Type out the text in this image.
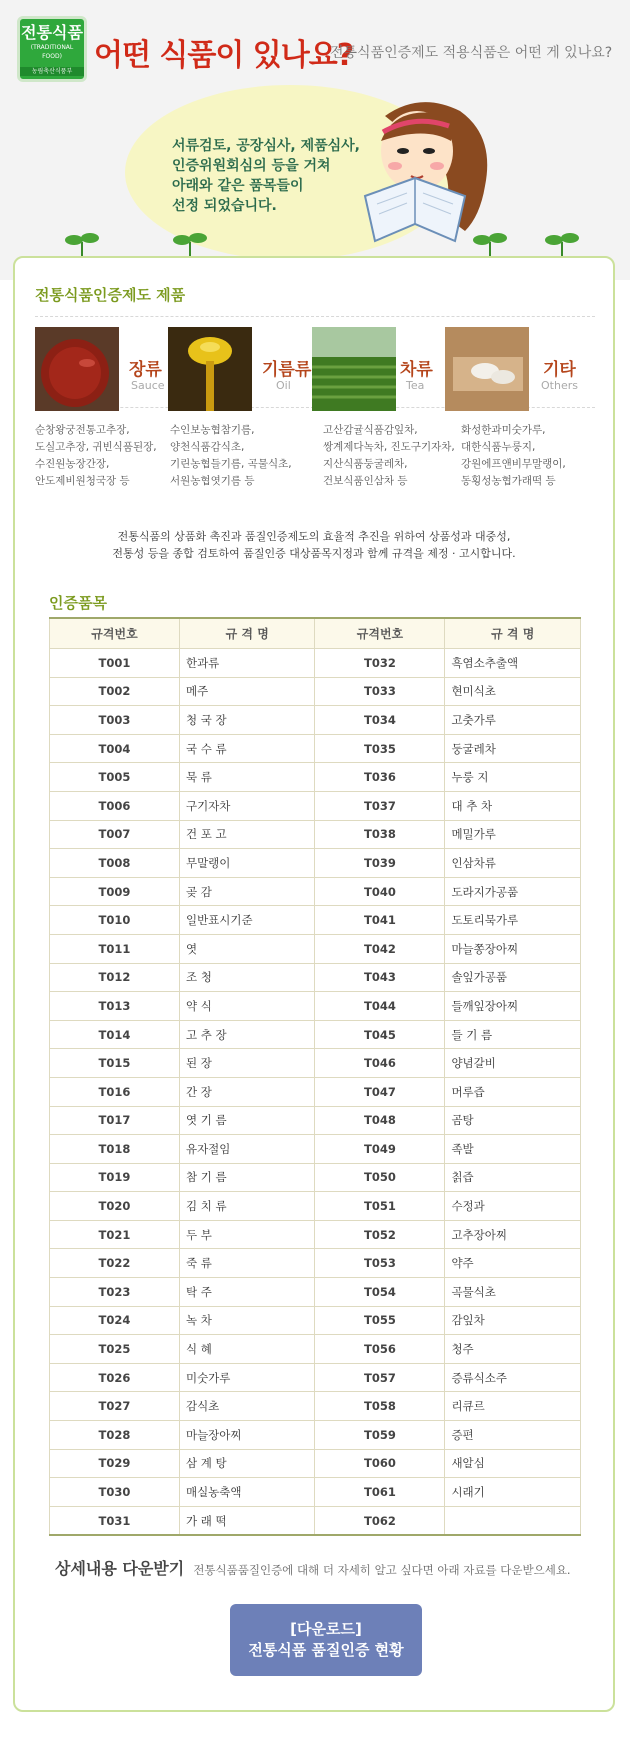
전통식품
(TRADITIONAL FOOD)
농림축산식품부 어떤 식품이 있나요?
전통식품인증제도 적용식품은 어떤 게 있나요?
서류검토, 공장심사, 제품심사,
인증위원회심의 등을 거쳐
아래와 같은 품목들이
선정 되었습니다.
전통식품인증제도 제품
장류
Sauce
기름류
Oil
차류
Tea
기타
Others
순창왕궁전통고추장,
도실고추장, 귀빈식품된장,
수진원농장간장,
안도제비원청국장 등
수인보농협참기름,
양천식품감식초,
기린농협들기름, 곡물식초,
서원농협엿기름 등
고산감귤식품감잎차,
쌍계제다녹차, 진도구기자차,
지산식품둥굴레차,
건보식품인삼차 등
화성한과미숫가루,
대한식품누룽지,
강원에프앤비무말랭이,
동횡성농협가래떡 등
전통식품의 상품화 촉진과 품질인증제도의 효율적 추진을 위하여 상품성과 대중성,
전통성 등을 종합 검토하여 품질인증 대상품목지정과 함께 규격을 제정 · 고시합니다.
인증품목
규격번호	규 격 명	규격번호	규 격 명
T001	한과류	T032	흑염소추출액
T002	메주	T033	현미식초
T003	청 국 장	T034	고춧가루
T004	국 수 류	T035	둥굴레차
T005	묵 류	T036	누룽 지
T006	구기자차	T037	대 추 차
T007	건 포 고	T038	메밀가루
T008	무말랭이	T039	인삼차류
T009	곶 감	T040	도라지가공품
T010	일반표시기준	T041	도토리묵가루
T011	엿	T042	마늘쫑장아찌
T012	조 청	T043	솔잎가공품
T013	약 식	T044	들깨잎장아찌
T014	고 추 장	T045	들 기 름
T015	된 장	T046	양념갈비
T016	간 장	T047	머루즙
T017	엿 기 름	T048	곰탕
T018	유자절임	T049	족발
T019	참 기 름	T050	칡즙
T020	김 치 류	T051	수정과
T021	두 부	T052	고추장아찌
T022	죽 류	T053	약주
T023	탁 주	T054	곡물식초
T024	녹 차	T055	감잎차
T025	식 혜	T056	청주
T026	미숫가루	T057	증류식소주
T027	감식초	T058	리큐르
T028	마늘장아찌	T059	증편
T029	삼 계 탕	T060	새알심
T030	매실농축액	T061	시래기
T031	가 래 떡	T062	
상세내용 다운받기 전통식품품질인증에 대해 더 자세히 알고 싶다면 아래 자료를 다운받으세요.
[다운로드]
전통식품 품질인증 현황
